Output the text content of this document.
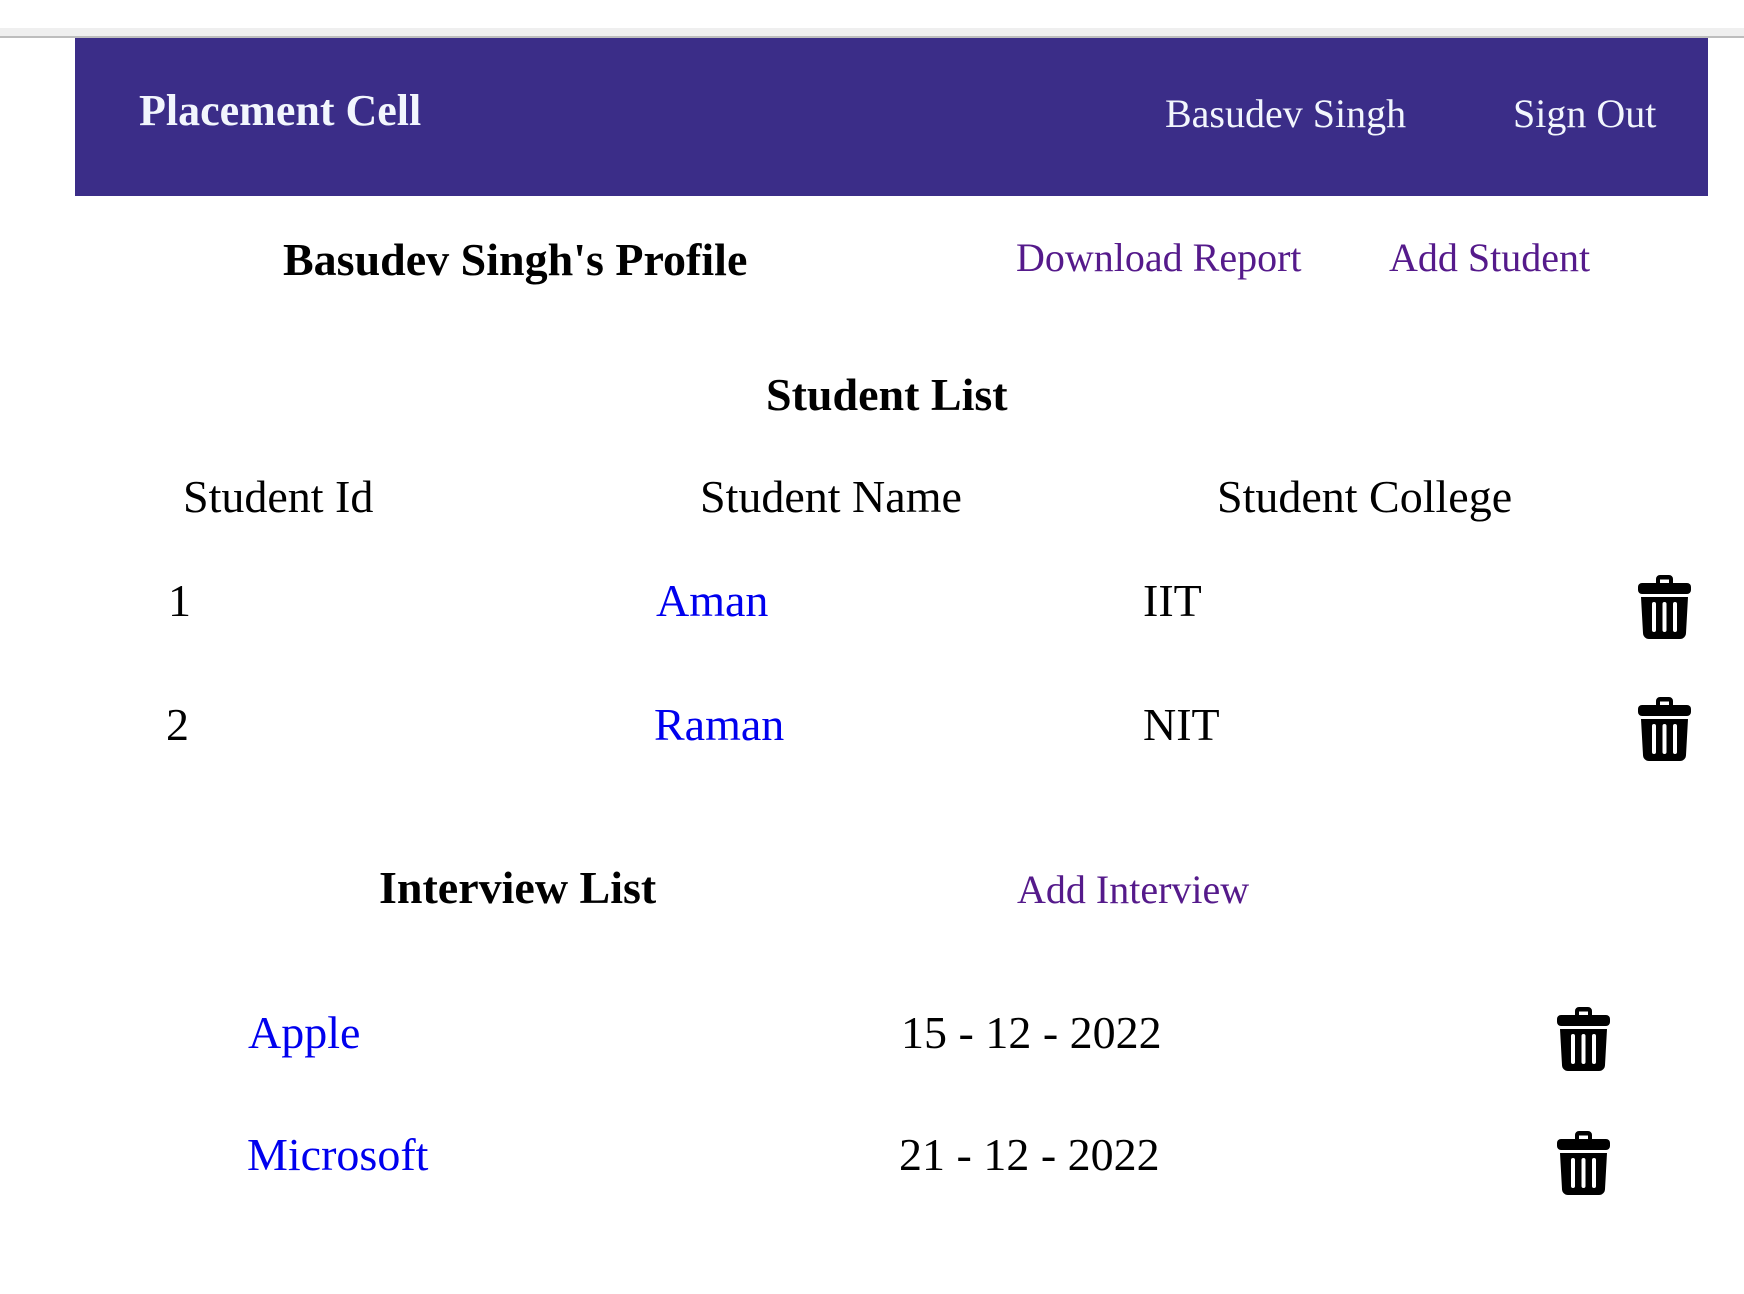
Placement Cell	Basudev Singh	Sign Out
Basudev Singh's Profile	Download Report Add Student
Student List
Student Id	Student Name	Student College
1	Aman	IIT
2	Raman	NIT
Interview List	Add Interview
Apple	15 - 12 - 2022
Microsoft	21 - 12 - 2022
